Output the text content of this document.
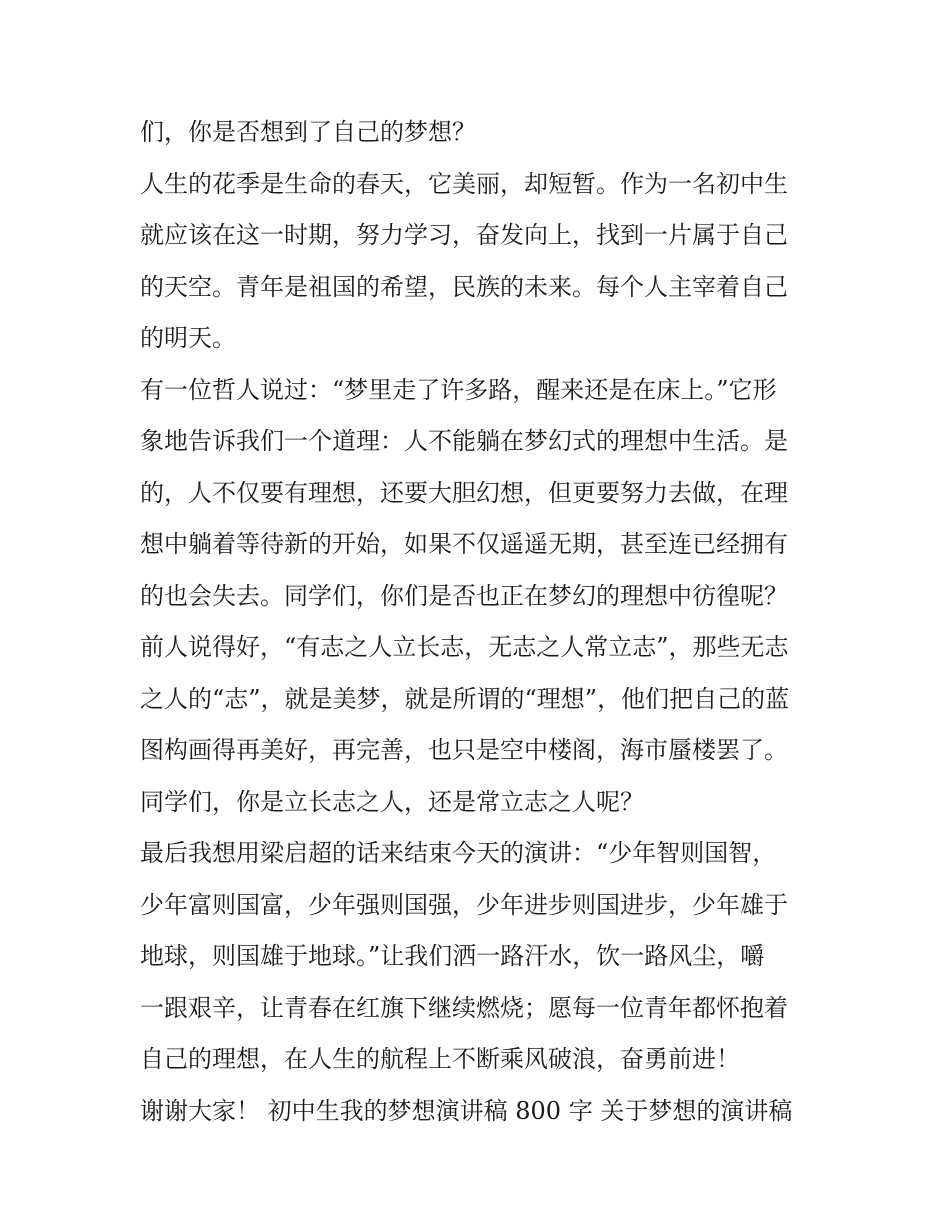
们，你是否想到了自己的梦想？
人生的花季是生命的春天，它美丽，却短暂。作为一名初中生
就应该在这一时期，努力学习，奋发向上，找到一片属于自己
的天空。青年是祖国的希望，民族的未来。每个人主宰着自己
的明天。
有一位哲人说过：“梦里走了许多路，醒来还是在床上。”它形
象地告诉我们一个道理：人不能躺在梦幻式的理想中生活。是
的，人不仅要有理想，还要大胆幻想，但更要努力去做，在理
想中躺着等待新的开始，如果不仅遥遥无期，甚至连已经拥有
的也会失去。同学们，你们是否也正在梦幻的理想中彷徨呢？
前人说得好，“有志之人立长志，无志之人常立志”，那些无志
之人的“志”，就是美梦，就是所谓的“理想”，他们把自己的蓝
图构画得再美好，再完善，也只是空中楼阁，海市蜃楼罢了。
同学们，你是立长志之人，还是常立志之人呢？
最后我想用梁启超的话来结束今天的演讲：“少年智则国智，
少年富则国富，少年强则国强，少年进步则国进步，少年雄于
地球，则国雄于地球。”让我们洒一路汗水，饮一路风尘，嚼
一跟艰辛，让青春在红旗下继续燃烧；愿每一位青年都怀抱着
自己的理想，在人生的航程上不断乘风破浪，奋勇前进！
谢谢大家！ 初中生我的梦想演讲稿 800 字 关于梦想的演讲稿
